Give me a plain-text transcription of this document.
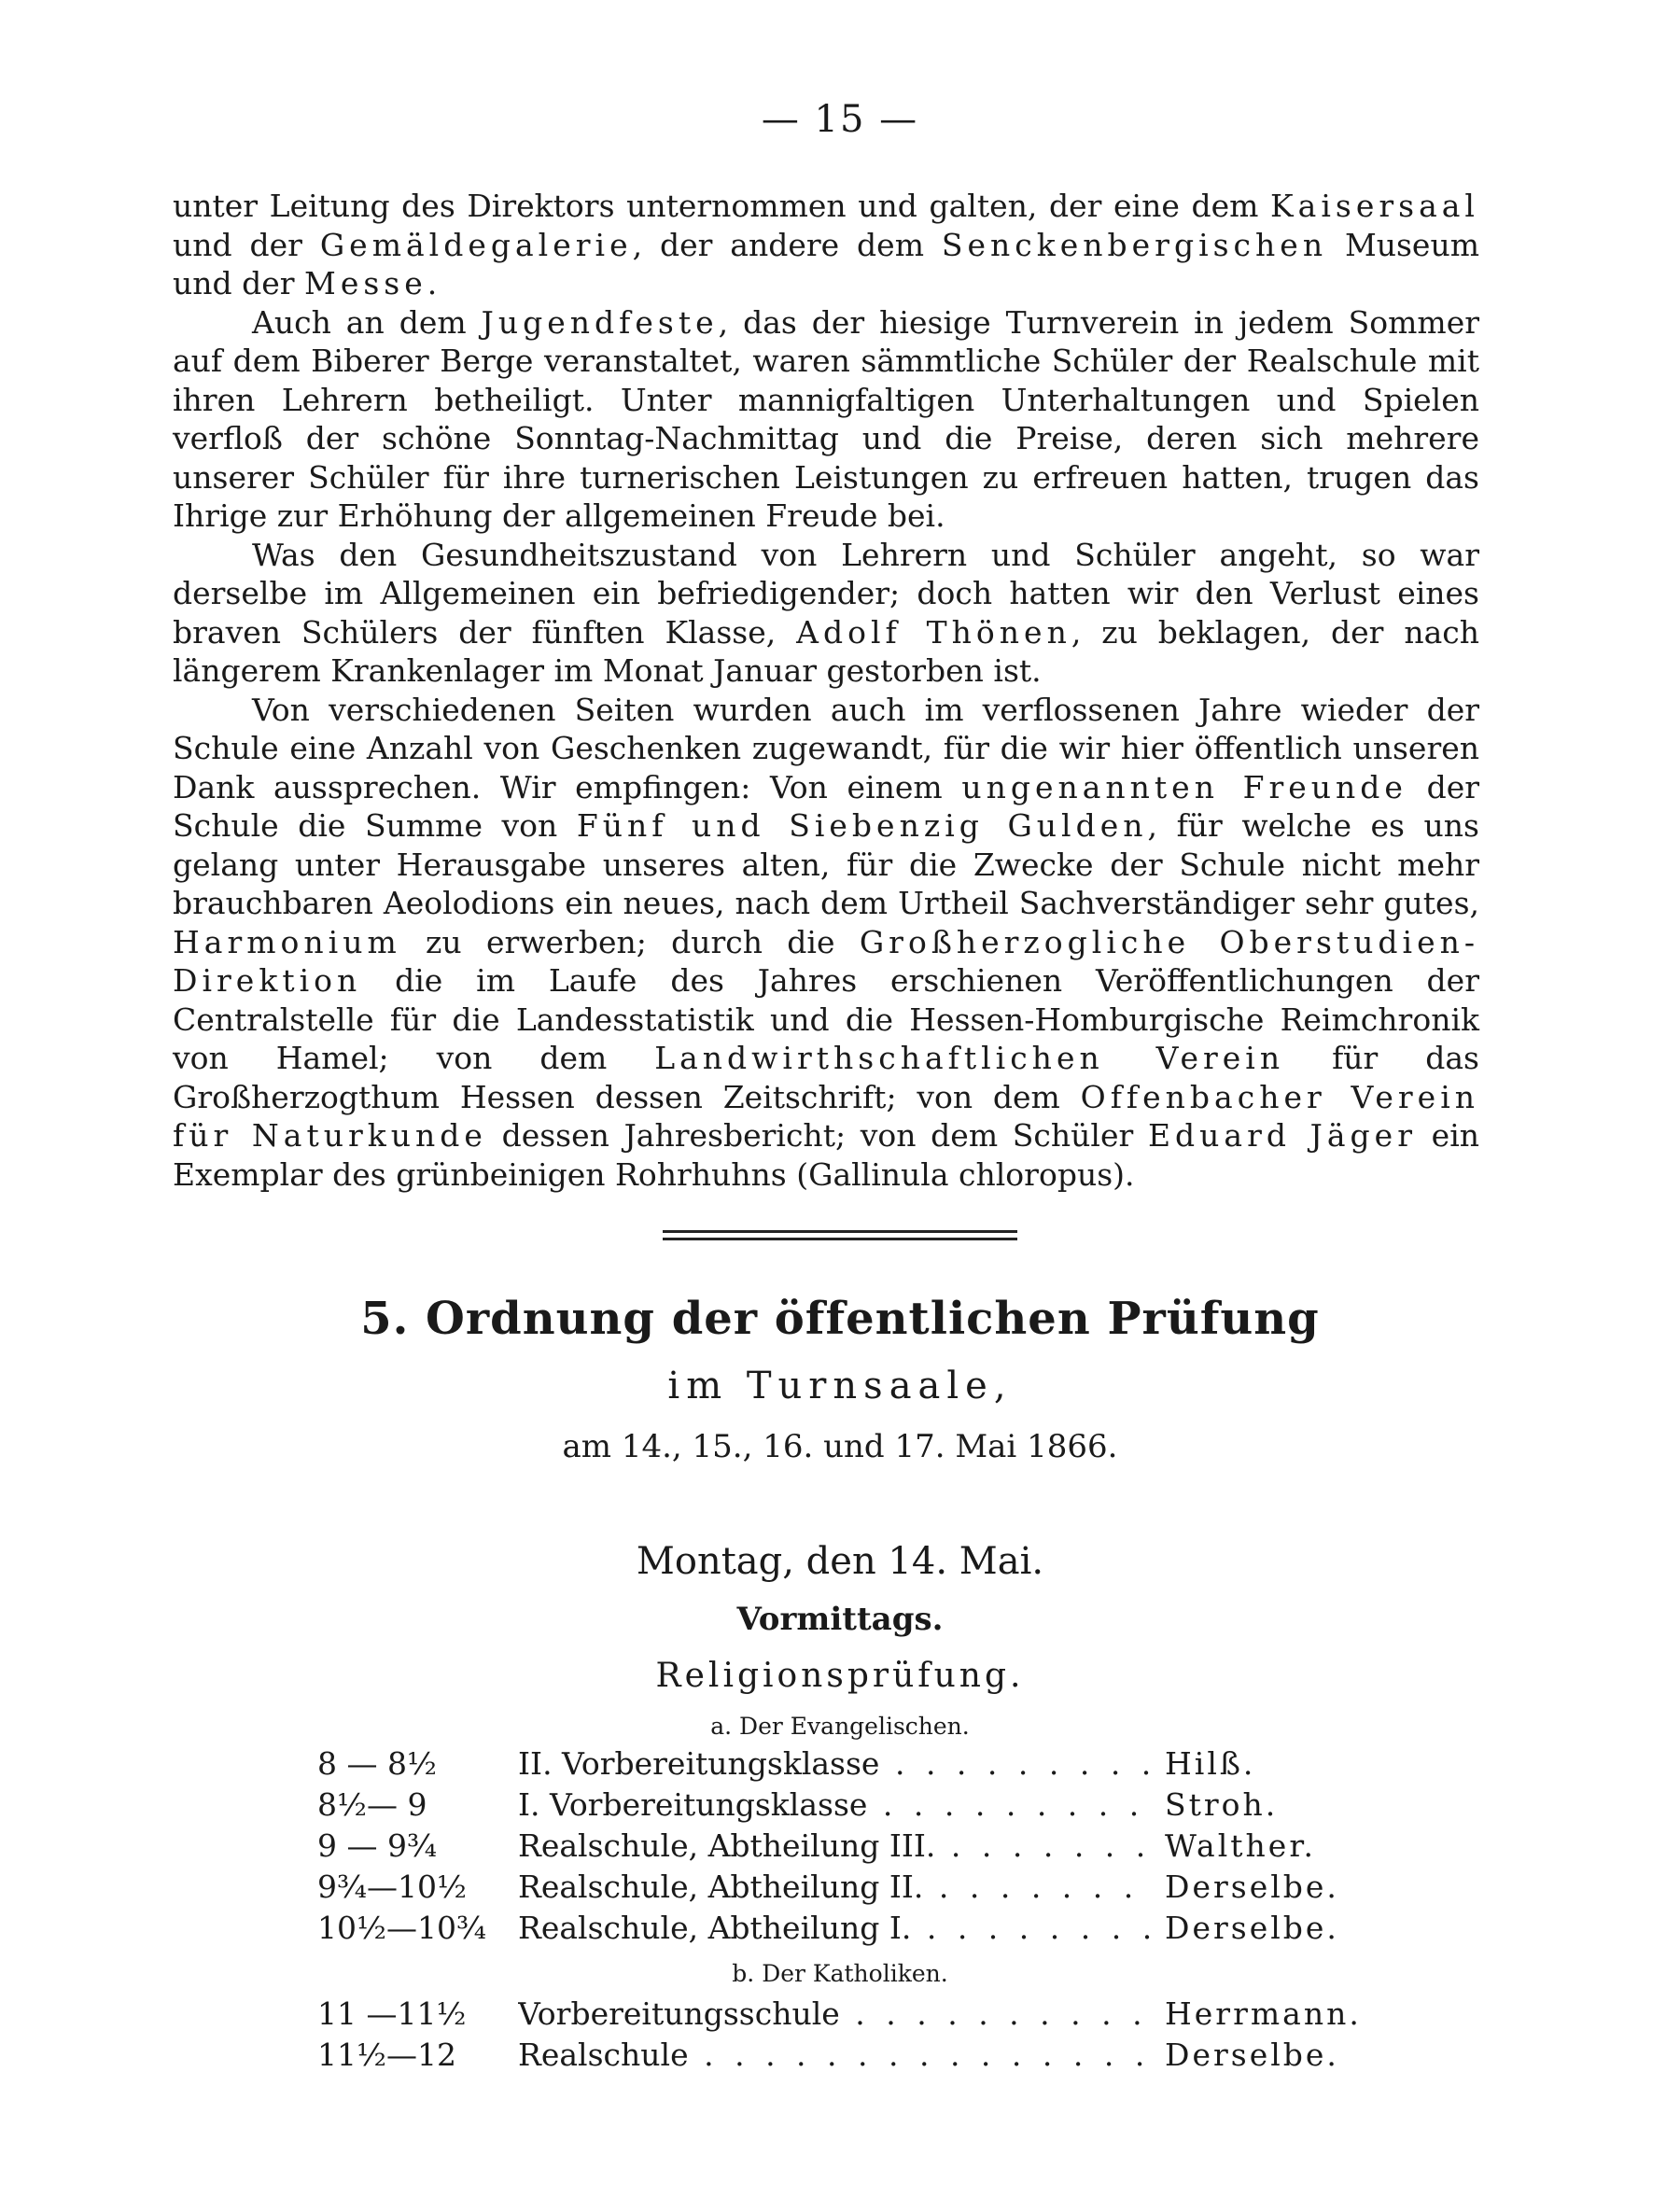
— 15 —

unter Leitung des Direktors unternommen und galten, der eine dem Kaisersaal und der Gemäldegalerie, der andere dem Senckenbergischen Museum und der Messe.

Auch an dem Jugendfeste, das der hiesige Turnverein in jedem Sommer auf dem Biberer Berge veranstaltet, waren sämmtliche Schüler der Realschule mit ihren Lehrern betheiligt. Unter mannigfaltigen Unterhaltungen und Spielen verfloß der schöne Sonntag-Nachmittag und die Preise, deren sich mehrere unserer Schüler für ihre turnerischen Leistungen zu erfreuen hatten, trugen das Ihrige zur Erhöhung der allgemeinen Freude bei.

Was den Gesundheitszustand von Lehrern und Schüler angeht, so war derselbe im Allgemeinen ein befriedigender; doch hatten wir den Verlust eines braven Schülers der fünften Klasse, Adolf Thönen, zu beklagen, der nach längerem Krankenlager im Monat Januar gestorben ist.

Von verschiedenen Seiten wurden auch im verflossenen Jahre wieder der Schule eine Anzahl von Geschenken zugewandt, für die wir hier öffentlich unseren Dank aussprechen. Wir empfingen: Von einem ungenannten Freunde der Schule die Summe von Fünf und Siebenzig Gulden, für welche es uns gelang unter Herausgabe unseres alten, für die Zwecke der Schule nicht mehr brauchbaren Aeolodions ein neues, nach dem Urtheil Sachverständiger sehr gutes, Harmonium zu erwerben; durch die Großherzogliche Oberstudien-Direktion die im Laufe des Jahres erschienen Veröffentlichungen der Centralstelle für die Landesstatistik und die Hessen-Homburgische Reimchronik von Hamel; von dem Landwirthschaftlichen Verein für das Großherzogthum Hessen dessen Zeitschrift; von dem Offenbacher Verein für Naturkunde dessen Jahresbericht; von dem Schüler Eduard Jäger ein Exemplar des grünbeinigen Rohrhuhns (Gallinula chloropus).

5. Ordnung der öffentlichen Prüfung
im Turnsaale,
am 14., 15., 16. und 17. Mai 1866.
Montag, den 14. Mai.
Vormittags.
Religionsprüfung.
a. Der Evangelischen.
8 — 8½	II. Vorbereitungsklasse . . .	Hilß.
8½— 9	I. Vorbereitungsklasse . . .	Stroh.
9 — 9¾	Realschule, Abtheilung III. . . .	Walther.
9¾—10½	Realschule, Abtheilung II. . . .	Derselbe.
10½—10¾	Realschule, Abtheilung I. . . .	Derselbe.
b. Der Katholiken.
11 —11½	Vorbereitungsschule . . .	Herrmann.
11½—12	Realschule . . .	Derselbe.
